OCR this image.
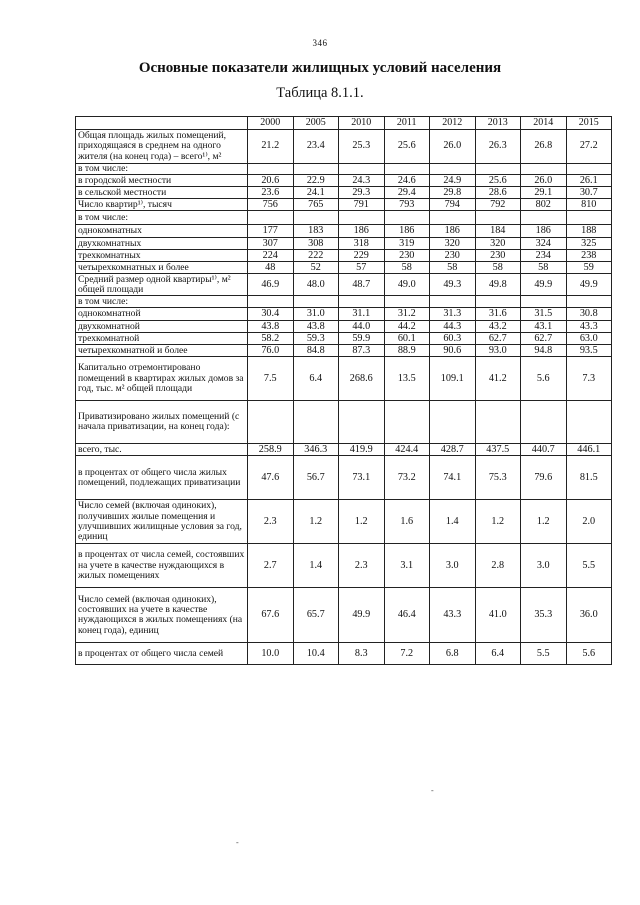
346
Основные показатели жилищных условий населения
Таблица 8.1.1.
	2000	2005	2010	2011	2012	2013	2014	2015
Общая площадь жилых помещений, приходящаяся в среднем на одного жителя (на конец года) – всего¹⁾, м²	21.2	23.4	25.3	25.6	26.0	26.3	26.8	27.2
в том числе:								
в городской местности	20.6	22.9	24.3	24.6	24.9	25.6	26.0	26.1
в сельской местности	23.6	24.1	29.3	29.4	29.8	28.6	29.1	30.7
Число квартир¹⁾, тысяч	756	765	791	793	794	792	802	810
в том числе:								
однокомнатных	177	183	186	186	186	184	186	188
двухкомнатных	307	308	318	319	320	320	324	325
трехкомнатных	224	222	229	230	230	230	234	238
четырехкомнатных и более	48	52	57	58	58	58	58	59
Средний размер одной квартиры¹⁾, м² общей площади	46.9	48.0	48.7	49.0	49.3	49.8	49.9	49.9
в том числе:								
однокомнатной	30.4	31.0	31.1	31.2	31.3	31.6	31.5	30.8
двухкомнатной	43.8	43.8	44.0	44.2	44.3	43.2	43.1	43.3
трехкомнатной	58.2	59.3	59.9	60.1	60.3	62.7	62.7	63.0
четырехкомнатной и более	76.0	84.8	87.3	88.9	90.6	93.0	94.8	93.5
Капитально отремонтировано помещений в квартирах жилых домов за год, тыс. м² общей площади	7.5	6.4	268.6	13.5	109.1	41.2	5.6	7.3
Приватизировано жилых помещений (с начала приватизации, на конец года):								
всего, тыс.	258.9	346.3	419.9	424.4	428.7	437.5	440.7	446.1
в процентах от общего числа жилых помещений, подлежащих приватизации	47.6	56.7	73.1	73.2	74.1	75.3	79.6	81.5
Число семей (включая одиноких), получивших жилые помещения и улучшивших жилищные условия за год, единиц	2.3	1.2	1.2	1.6	1.4	1.2	1.2	2.0
в процентах от числа семей, состоявших на учете в качестве нуждающихся в жилых помещениях	2.7	1.4	2.3	3.1	3.0	2.8	3.0	5.5
Число семей (включая одиноких), состоявших на учете в качестве нуждающихся в жилых помещениях (на конец года), единиц	67.6	65.7	49.9	46.4	43.3	41.0	35.3	36.0
в процентах от общего числа семей	10.0	10.4	8.3	7.2	6.8	6.4	5.5	5.6
-
-
